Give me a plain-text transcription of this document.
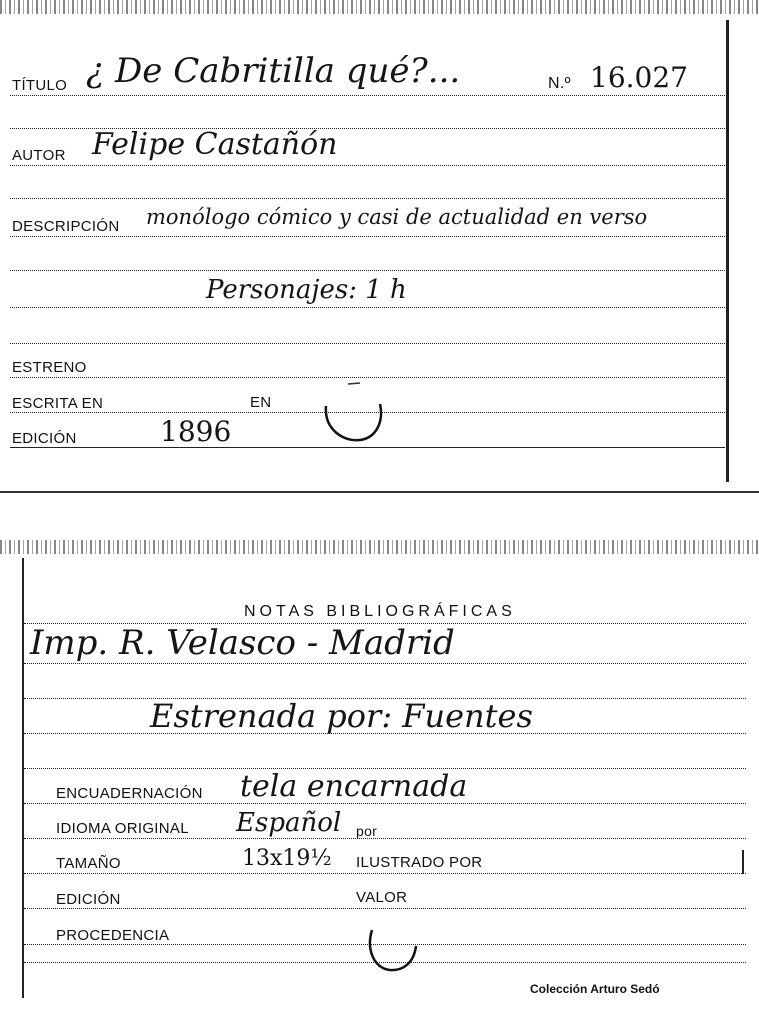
TÍTULO ¿ De Cabritilla qué?...	N.º 16.027
AUTOR Felipe Castañón
DESCRIPCIÓN monólogo cómico y casi de actualidad en verso
Personajes: 1 h
ESTRENO
ESCRITA EN	EN
EDICIÓN	1896
NOTAS BIBLIOGRÁFICAS
Imp. R. Velasco - Madrid
Estrenada por: Fuentes
ENCUADERNACIÓN tela encarnada
IDIOMA ORIGINAL Español por
TAMAÑO	13x19½ ILUSTRADO POR
EDICIÓN	VALOR
PROCEDENCIA
Colección Arturo Sedó
